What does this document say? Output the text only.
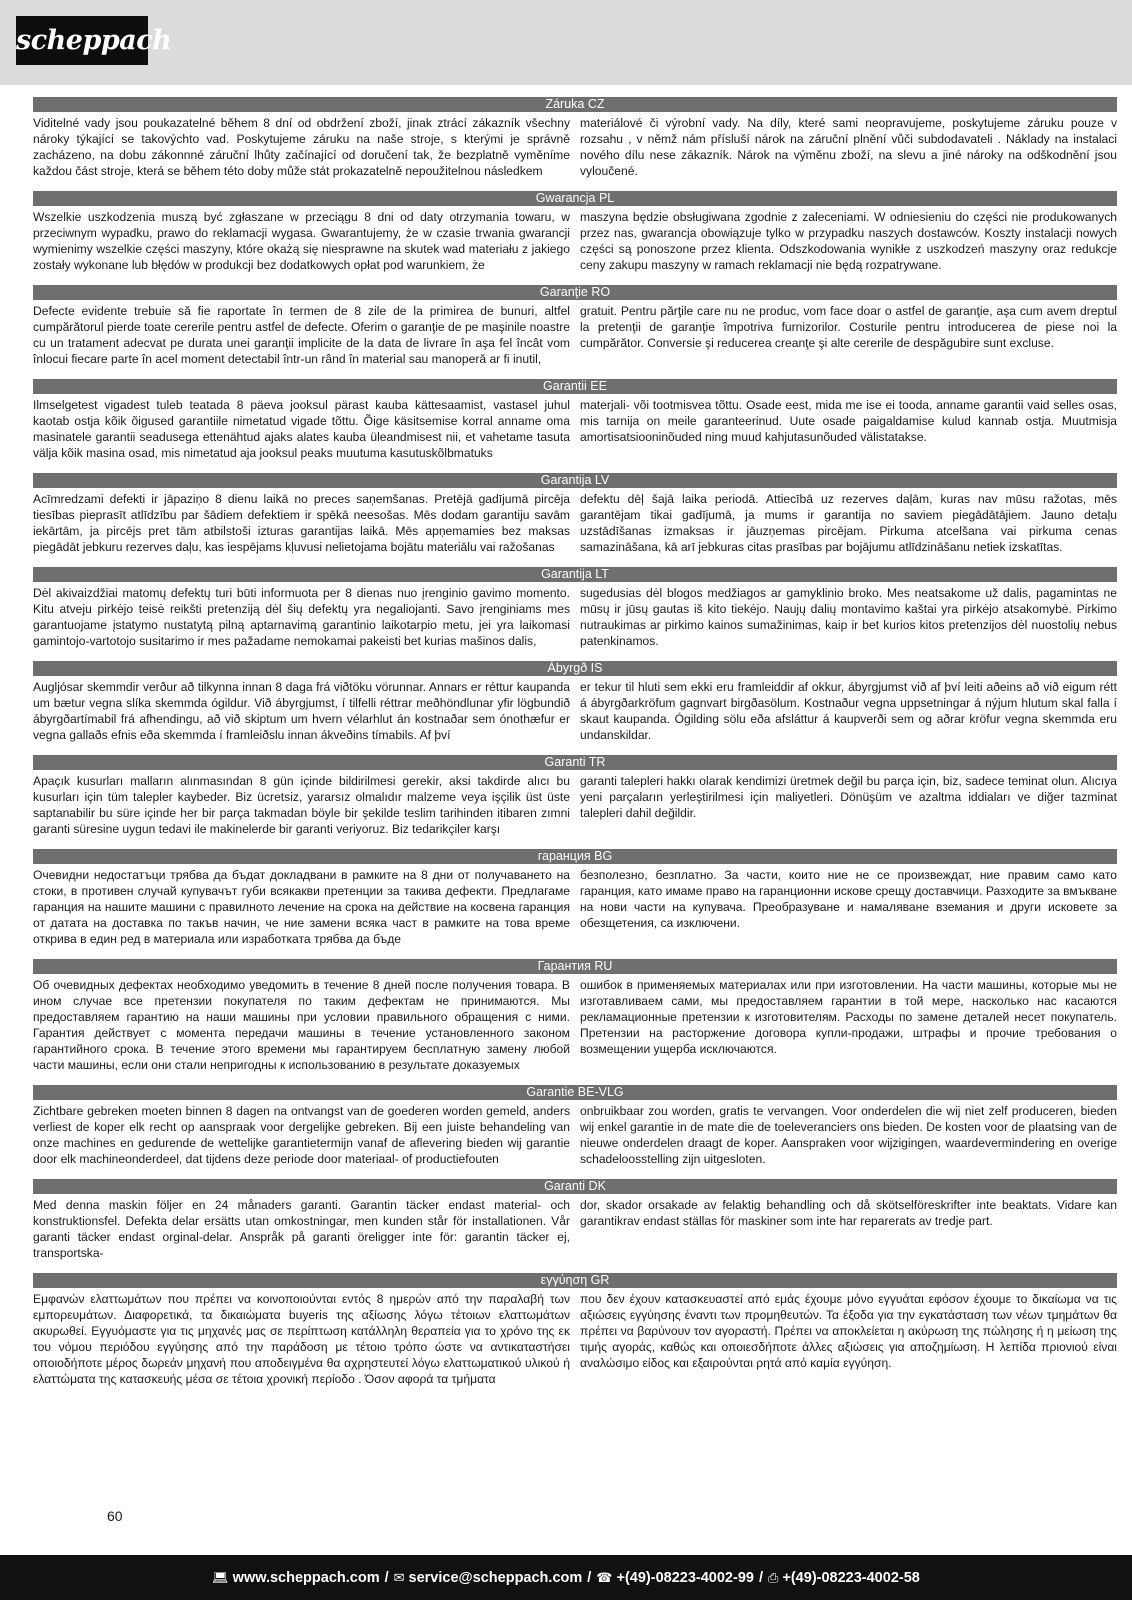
scheppach
Záruka CZ
Viditelné vady jsou poukazatelné během 8 dní od obdržení zboží, jinak ztrácí zákazník všechny nároky týkající se takovýchto vad. Poskytujeme záruku na naše stroje, s kterými je správně zacházeno, na dobu zákonnné záruční lhůty začínající od doručení tak, že bezplatně vyměníme každou část stroje, která se během této doby může stát prokazatelně nepoužitelnou následkem
materiálové či výrobní vady. Na díly, které sami neopravujeme, poskytujeme záruku pouze v rozsahu , v němž nám přísluší nárok na záruční plnění vůči subdodavateli . Náklady na instalaci nového dílu nese zákazník. Nárok na výměnu zboží, na slevu a jiné nároky na odškodnění jsou vyloučené.
Gwarancja PL
Wszelkie uszkodzenia muszą być zgłaszane w przeciągu 8 dni od daty otrzymania towaru, w przeciwnym wypadku, prawo do reklamacji wygasa. Gwarantujemy, że w czasie trwania gwarancji wymienimy wszelkie części maszyny, które okażą się niesprawne na skutek wad materiału z jakiego zostały wykonane lub błędów w produkcji bez dodatkowych opłat pod warunkiem, że
maszyna będzie obsługiwana zgodnie z zaleceniami. W odniesieniu do części nie produkowanych przez nas, gwarancja obowiązuje tylko w przypadku naszych dostawców. Koszty instalacji nowych części są ponoszone przez klienta. Odszkodowania wynikłe z uszkodzeń maszyny oraz redukcje ceny zakupu maszyny w ramach reklamacji nie będą rozpatrywane.
Garanţie RO
Defecte evidente trebuie să fie raportate în termen de 8 zile de la primirea de bunuri, altfel cumpărătorul pierde toate cererile pentru astfel de defecte. Oferim o garanţie de pe maşinile noastre cu un tratament adecvat pe durata unei garanţii implicite de la data de livrare în aşa fel încât vom înlocui fiecare parte în acel moment detectabil într-un rând în material sau manoperă ar fi inutil,
gratuit. Pentru părţile care nu ne produc, vom face doar o astfel de garanţie, aşa cum avem dreptul la pretenţii de garanţie împotriva furnizorilor. Costurile pentru introducerea de piese noi la cumpărător. Conversie şi reducerea creanţe şi alte cererile de despăgubire sunt excluse.
Garantii EE
Ilmselgetest vigadest tuleb teatada 8 päeva jooksul pärast kauba kättesaamist, vastasel juhul kaotab ostja kõik õigused garantiile nimetatud vigade tõttu. Õige käsitsemise korral anname oma masinatele garantii seadusega ettenähtud ajaks alates kauba üleandmisest nii, et vahetame tasuta välja kõik masina osad, mis nimetatud aja jooksul peaks muutuma kasutuskõlbmatuks
materjali- või tootmisvea tõttu. Osade eest, mida me ise ei tooda, anname garantii vaid selles osas, mis tarnija on meile garanteerinud. Uute osade paigaldamise kulud kannab ostja. Muutmisja amortisatsiooninõuded ning muud kahjutasunõuded välistatakse.
Garantija LV
Acīmredzami defekti ir jāpaziņo 8 dienu laikā no preces saņemšanas. Pretējā gadījumā pircēja tiesības pieprasīt atlīdzību par šādiem defektiem ir spēkā neesošas. Mēs dodam garantiju savām iekārtām, ja pircējs pret tām atbilstoši izturas garantijas laikā. Mēs apņemamies bez maksas piegādāt jebkuru rezerves daļu, kas iespējams kļuvusi nelietojama bojātu materiālu vai ražošanas
defektu dēļ šajā laika periodā. Attiecībā uz rezerves daļām, kuras nav mūsu ražotas, mēs garantējam tikai gadījumā, ja mums ir garantija no saviem piegādātājiem. Jauno detaļu uzstādīšanas izmaksas ir jāuzņemas pircējam. Pirkuma atcelšana vai pirkuma cenas samazināšana, kā arī jebkuras citas prasības par bojājumu atlīdzināšanu netiek izskatītas.
Garantija LT
Dėl akivaizdžiai matomų defektų turi būti informuota per 8 dienas nuo įrenginio gavimo momento. Kitu atveju pirkėjo teisė reikšti pretenziją dėl šių defektų yra negaliojanti. Savo įrenginiams mes garantuojame įstatymo nustatytą pilną aptarnavimą garantinio laikotarpio metu, jei yra laikomasi gamintojo-vartotojo susitarimo ir mes pažadame nemokamai pakeisti bet kurias mašinos dalis,
sugedusias dėl blogos medžiagos ar gamyklinio broko. Mes neatsakome už dalis, pagamintas ne mūsų ir jūsų gautas iš kito tiekėjo. Naujų dalių montavimo kaštai yra pirkėjo atsakomybė. Pirkimo nutraukimas ar pirkimo kainos sumažinimas, kaip ir bet kurios kitos pretenzijos dėl nuostolių nebus patenkinamos.
Ábyrgð IS
Augljósar skemmdir verður að tilkynna innan 8 daga frá viðtöku vörunnar. Annars er réttur kaupanda um bætur vegna slíka skemmda ógildur. Við ábyrgjumst, í tilfelli réttrar meðhöndlunar yfir lögbundið ábyrgðartímabil frá afhendingu, að við skiptum um hvern vélarhlut án kostnaðar sem ónothæfur er vegna gallaðs efnis eða skemmda í framleiðslu innan ákveðins tímabils. Af því
er tekur til hluti sem ekki eru framleiddir af okkur, ábyrgjumst við af því leiti aðeins að við eigum rétt á ábyrgðarkröfum gagnvart birgðasölum. Kostnaður vegna uppsetningar á nýjum hlutum skal falla í skaut kaupanda. Ógilding sölu eða afsláttur á kaupverði sem og aðrar kröfur vegna skemmda eru undanskildar.
Garanti TR
Apaçık kusurları malların alınmasından 8 gün içinde bildirilmesi gerekir, aksi takdirde alıcı bu kusurları için tüm talepler kaybeder. Biz ücretsiz, yararsız olmalıdır malzeme veya işçilik üst üste saptanabilir bu süre içinde her bir parça takmadan böyle bir şekilde teslim tarihinden itibaren zımni garanti süresine uygun tedavi ile makinelerde bir garanti veriyoruz. Biz tedarikçiler karşı
garanti talepleri hakkı olarak kendimizi üretmek değil bu parça için, biz, sadece teminat olun. Alıcıya yeni parçaların yerleştirilmesi için maliyetleri. Dönüşüm ve azaltma iddiaları ve diğer tazminat talepleri dahil değildir.
гаранция BG
Очевидни недостатъци трябва да бъдат докладвани в рамките на 8 дни от получаването на стоки, в противен случай купувачът губи всякакви претенции за такива дефекти. Предлагаме гаранция на нашите машини с правилното лечение на срока на действие на косвена гаранция от датата на доставка по такъв начин, че ние замени всяка част в рамките на това време открива в един ред в материала или изработката трябва да бъде
безполезно, безплатно. За части, които ние не се произвеждат, ние правим само като гаранция, като имаме право на гаранционни искове срещу доставчици. Разходите за вмъкване на нови части на купувача. Преобразуване и намаляване вземания и други исковете за обезщетения, са изключени.
Гарантия RU
Об очевидных дефектах необходимо уведомить в течение 8 дней после получения товара. В ином случае все претензии покупателя по таким дефектам не принимаются. Мы предоставляем гарантию на наши машины при условии правильного обращения с ними. Гарантия действует с момента передачи машины в течение установленного законом гарантийного срока. В течение этого времени мы гарантируем бесплатную замену любой части машины, если они стали непригодны к использованию в результате доказуемых
ошибок в применяемых материалах или при изготовлении. На части машины, которые мы не изготавливаем сами, мы предоставляем гарантии в той мере, насколько нас касаются рекламационные претензии к изготовителям. Расходы по замене деталей несет покупатель. Претензии на расторжение договора купли-продажи, штрафы и прочие требования о возмещении ущерба исключаются.
Garantie BE-VLG
Zichtbare gebreken moeten binnen 8 dagen na ontvangst van de goederen worden gemeld, anders verliest de koper elk recht op aanspraak voor dergelijke gebreken. Bij een juiste behandeling van onze machines en gedurende de wettelijke garantietermijn vanaf de aflevering bieden wij garantie door elk machineonderdeel, dat tijdens deze periode door materiaal- of productiefouten
onbruikbaar zou worden, gratis te vervangen. Voor onderdelen die wij niet zelf produceren, bieden wij enkel garantie in de mate die de toeleveranciers ons bieden. De kosten voor de plaatsing van de nieuwe onderdelen draagt de koper. Aanspraken voor wijzigingen, waardevermindering en overige schadeloosstelling zijn uitgesloten.
Garanti DK
Med denna maskin följer en 24 månaders garanti. Garantin täcker endast material- och konstruktionsfel. Defekta delar ersätts utan omkostningar, men kunden står för installationen. Vår garanti täcker endast orginal-delar. Anspråk på garanti öreligger inte för: garantin täcker ej, transportska-
dor, skador orsakade av felaktig behandling och då skötselföreskrifter inte beaktats. Vidare kan garantikrav endast ställas för maskiner som inte har reparerats av tredje part.
εγγύηση GR
Εμφανών ελαττωμάτων που πρέπει να κοινοποιούνται εντός 8 ημερών από την παραλαβή των εμπορευμάτων. Διαφορετικά, τα δικαιώματα buyeris της αξίωσης λόγω τέτοιων ελαττωμάτων ακυρωθεί. Εγγυόμαστε για τις μηχανές μας σε περίπτωση κατάλληλη θεραπεία για το χρόνο της εκ του νόμου περιόδου εγγύησης από την παράδοση με τέτοιο τρόπο ώστε να αντικαταστήσει οποιοδήποτε μέρος δωρεάν μηχανή που αποδειγμένα θα αχρηστευτεί λόγω ελαττωματικού υλικού ή ελαττώματα της κατασκευής μέσα σε τέτοια χρονική περίοδο . Όσον αφορά τα τμήματα
που δεν έχουν κατασκευαστεί από εμάς έχουμε μόνο εγγυάται εφόσον έχουμε το δικαίωμα να τις αξιώσεις εγγύησης έναντι των προμηθευτών. Τα έξοδα για την εγκατάσταση των νέων τμημάτων θα πρέπει να βαρύνουν τον αγοραστή. Πρέπει να αποκλείεται η ακύρωση της πώλησης ή η μείωση της τιμής αγοράς, καθώς και οποιεσδήποτε άλλες αξιώσεις για αποζημίωση. Η λεπίδα πριονιού είναι αναλώσιμο είδος και εξαιρούνται ρητά από καμία εγγύηση.
60
💻︎ www.scheppach.com / ✉︎ service@scheppach.com / ☎︎ +(49)-08223-4002-99 / ⎙ +(49)-08223-4002-58
